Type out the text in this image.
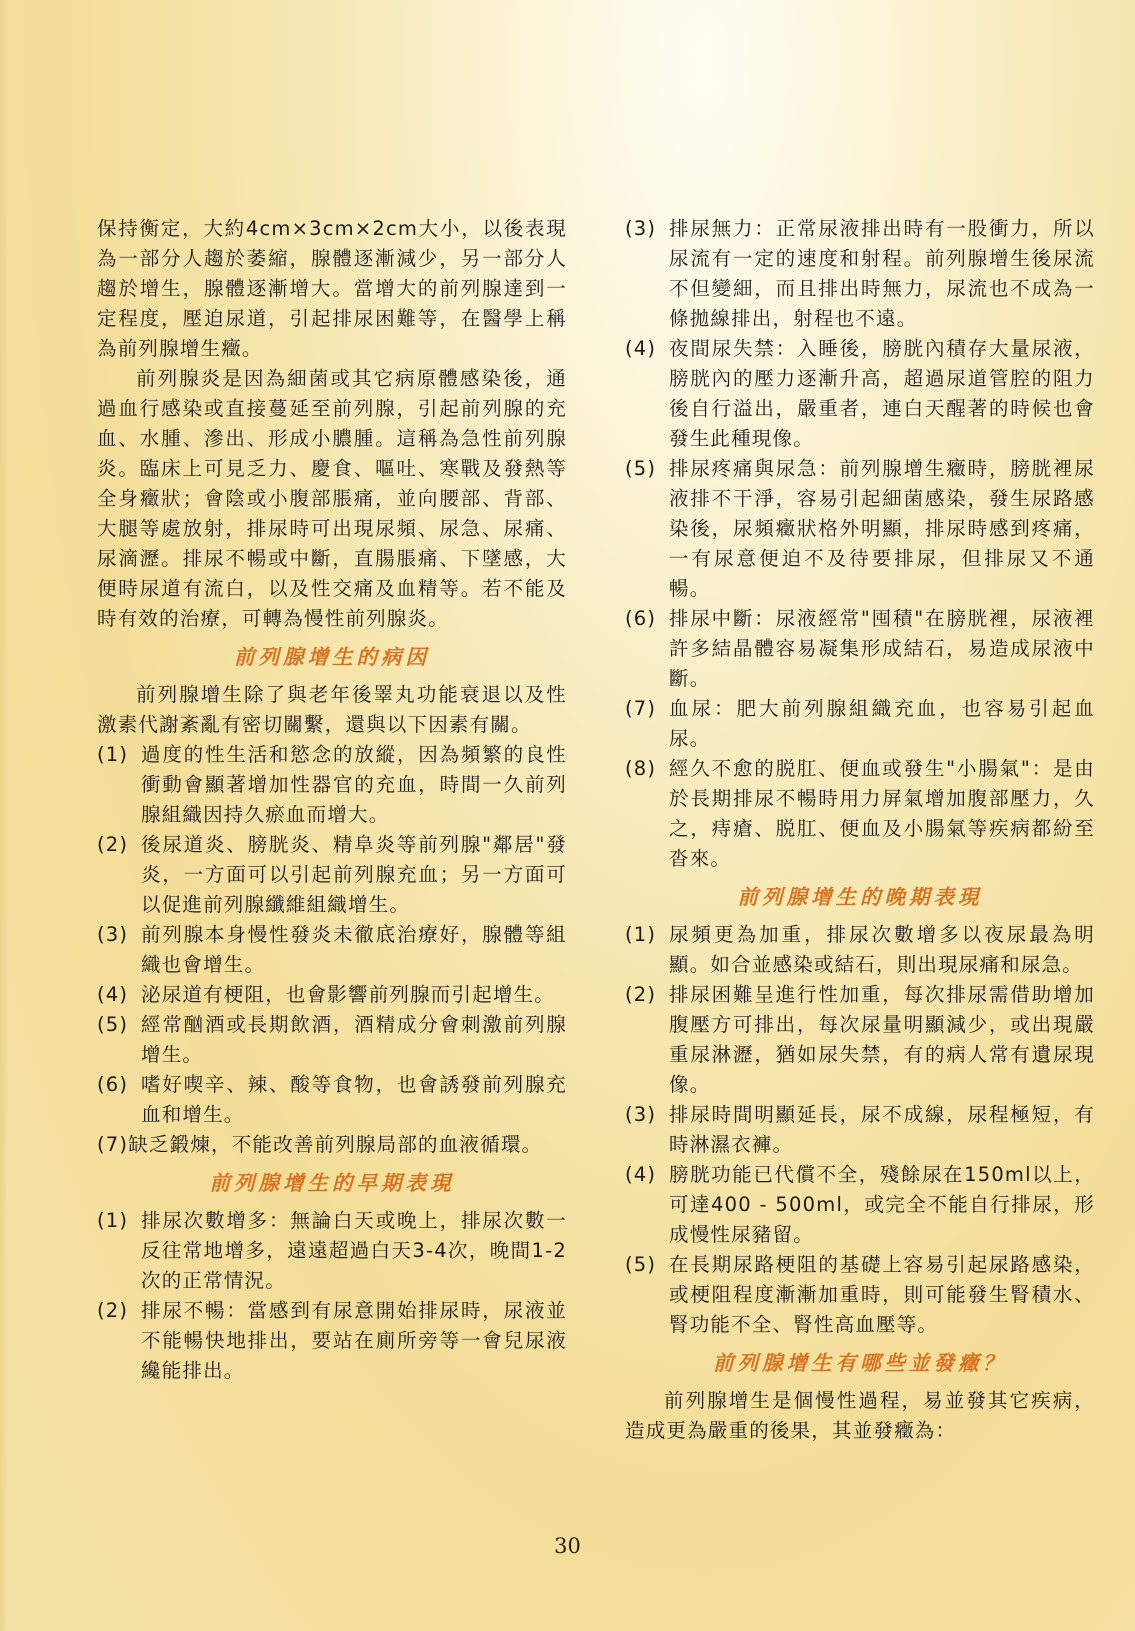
保持衡定，大約4cm×3cm×2cm大小，以後表現為一部分人趨於萎縮，腺體逐漸減少，另一部分人趨於增生，腺體逐漸增大。當增大的前列腺達到一定程度，壓迫尿道，引起排尿困難等，在醫學上稱為前列腺增生癥。

前列腺炎是因為細菌或其它病原體感染後，通過血行感染或直接蔓延至前列腺，引起前列腺的充血、水腫、滲出、形成小膿腫。這稱為急性前列腺炎。臨床上可見乏力、慶食、嘔吐、寒戰及發熱等全身癥狀；會陰或小腹部脹痛，並向腰部、背部、大腿等處放射，排尿時可出現尿頻、尿急、尿痛、尿滴瀝。排尿不暢或中斷，直腸脹痛、下墜感，大便時尿道有流白，以及性交痛及血精等。若不能及時有效的治療，可轉為慢性前列腺炎。

前列腺增生的病因

前列腺增生除了與老年後睪丸功能衰退以及性激素代謝紊亂有密切關繫，還與以下因素有關。

(1) 過度的性生活和慾念的放縱，因為頻繁的良性衝動會顯著增加性器官的充血，時間一久前列腺組織因持久瘀血而增大。
(2) 後尿道炎、膀胱炎、精阜炎等前列腺"鄰居"發炎，一方面可以引起前列腺充血；另一方面可以促進前列腺纖維組織增生。
(3) 前列腺本身慢性發炎未徹底治療好，腺體等組織也會增生。
(4) 泌尿道有梗阻，也會影響前列腺而引起增生。
(5) 經常酗酒或長期飲酒，酒精成分會刺激前列腺增生。
(6) 嗜好喫辛、辣、酸等食物，也會誘發前列腺充血和增生。
(7) 缺乏鍛煉，不能改善前列腺局部的血液循環。
前列腺增生的早期表現
(1) 排尿次數增多：無論白天或晚上，排尿次數一反往常地增多，遠遠超過白天3-4次，晚間1-2次的正常情況。
(2) 排尿不暢：當感到有尿意開始排尿時，尿液並不能暢快地排出，要站在廁所旁等一會兒尿液纔能排出。
(3) 排尿無力：正常尿液排出時有一股衝力，所以尿流有一定的速度和射程。前列腺增生後尿流不但變細，而且排出時無力，尿流也不成為一條拋線排出，射程也不遠。
(4) 夜間尿失禁：入睡後，膀胱內積存大量尿液，膀胱內的壓力逐漸升高，超過尿道管腔的阻力後自行溢出，嚴重者，連白天醒著的時候也會發生此種現像。
(5) 排尿疼痛與尿急：前列腺增生癥時，膀胱裡尿液排不干淨，容易引起細菌感染，發生尿路感染後，尿頻癥狀格外明顯，排尿時感到疼痛，一有尿意便迫不及待要排尿，但排尿又不通暢。
(6) 排尿中斷：尿液經常"囤積"在膀胱裡，尿液裡許多結晶體容易凝集形成結石，易造成尿液中斷。
(7) 血尿：肥大前列腺組織充血，也容易引起血尿。
(8) 經久不愈的脱肛、便血或發生"小腸氣"：是由於長期排尿不暢時用力屏氣增加腹部壓力，久之，痔瘡、脱肛、便血及小腸氣等疾病都紛至沓來。
前列腺增生的晚期表現
(1) 尿頻更為加重，排尿次數增多以夜尿最為明顯。如合並感染或結石，則出現尿痛和尿急。
(2) 排尿困難呈進行性加重，每次排尿需借助增加腹壓方可排出，每次尿量明顯減少，或出現嚴重尿淋瀝，猶如尿失禁，有的病人常有遺尿現像。
(3) 排尿時間明顯延長，尿不成線，尿程極短，有時淋濕衣褲。
(4) 膀胱功能已代償不全，殘餘尿在150ml以上，可達400 - 500ml，或完全不能自行排尿，形成慢性尿豬留。
(5) 在長期尿路梗阻的基礎上容易引起尿路感染，或梗阻程度漸漸加重時，則可能發生腎積水、腎功能不全、腎性高血壓等。
前列腺增生有哪些並發癥？

前列腺增生是個慢性過程，易並發其它疾病，造成更為嚴重的後果，其並發癥為：

30
